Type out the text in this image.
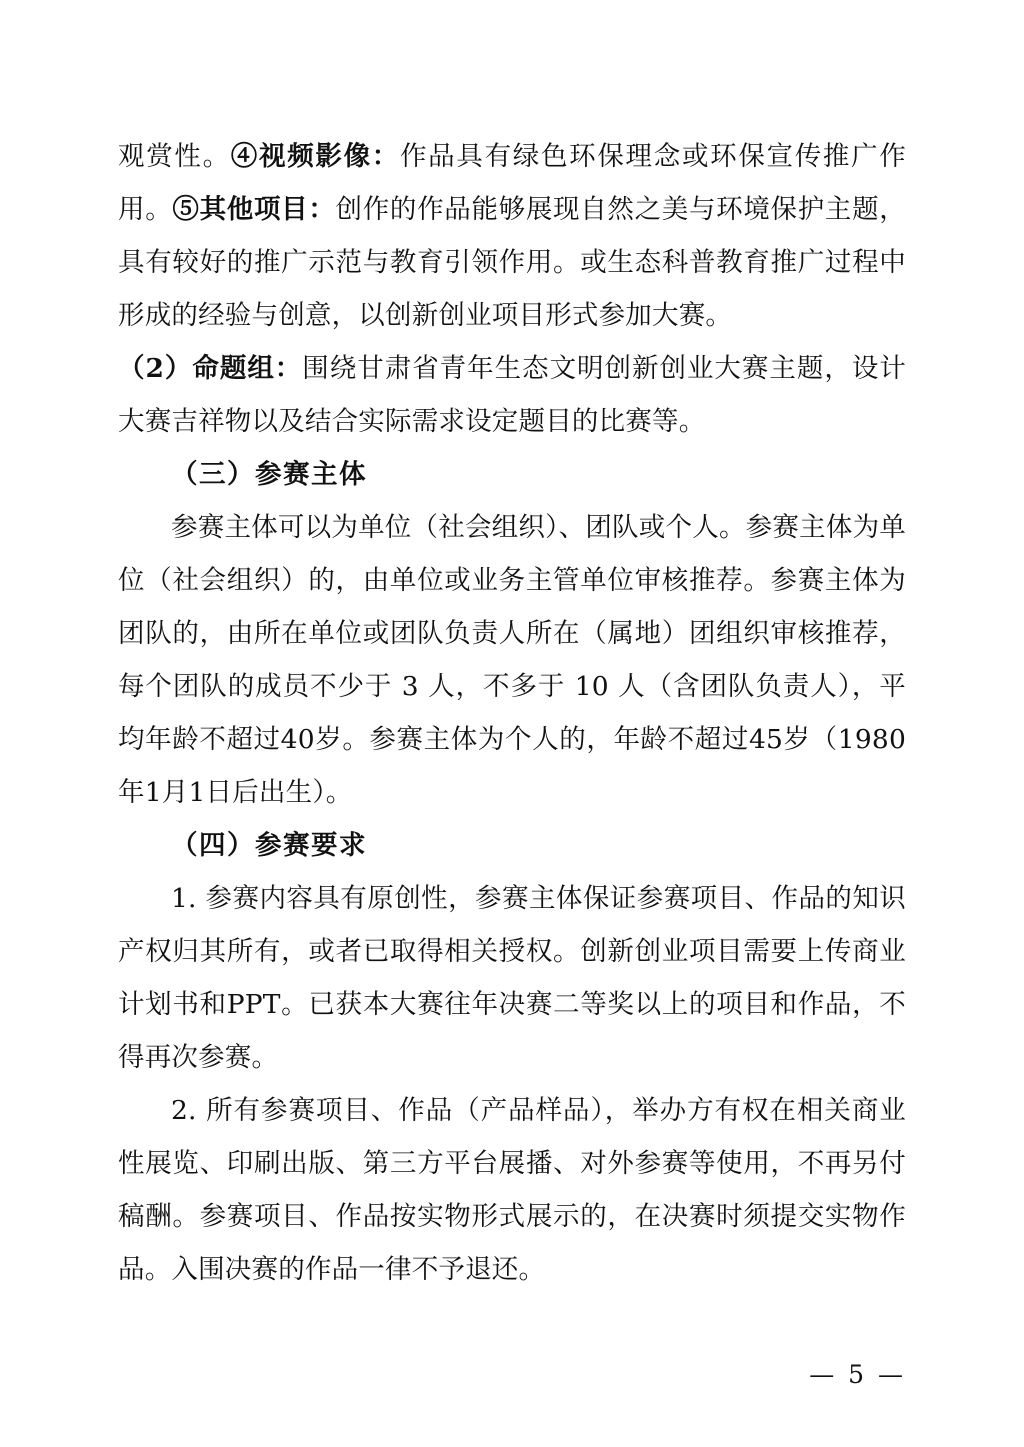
观赏性。④视频影像：作品具有绿色环保理念或环保宣传推广作用。⑤其他项目：创作的作品能够展现自然之美与环境保护主题，具有较好的推广示范与教育引领作用。或生态科普教育推广过程中形成的经验与创意，以创新创业项目形式参加大赛。

（2）命题组：围绕甘肃省青年生态文明创新创业大赛主题，设计大赛吉祥物以及结合实际需求设定题目的比赛等。

（三）参赛主体

参赛主体可以为单位（社会组织）、团队或个人。参赛主体为单位（社会组织）的，由单位或业务主管单位审核推荐。参赛主体为团队的，由所在单位或团队负责人所在（属地）团组织审核推荐，每个团队的成员不少于 3 人，不多于 10 人（含团队负责人），平均年龄不超过40岁。参赛主体为个人的，年龄不超过45岁（1980年1月1日后出生）。

（四）参赛要求

1. 参赛内容具有原创性，参赛主体保证参赛项目、作品的知识产权归其所有，或者已取得相关授权。创新创业项目需要上传商业计划书和PPT。已获本大赛往年决赛二等奖以上的项目和作品，不得再次参赛。

2. 所有参赛项目、作品（产品样品），举办方有权在相关商业性展览、印刷出版、第三方平台展播、对外参赛等使用，不再另付稿酬。参赛项目、作品按实物形式展示的，在决赛时须提交实物作品。入围决赛的作品一律不予退还。

— 5 —
